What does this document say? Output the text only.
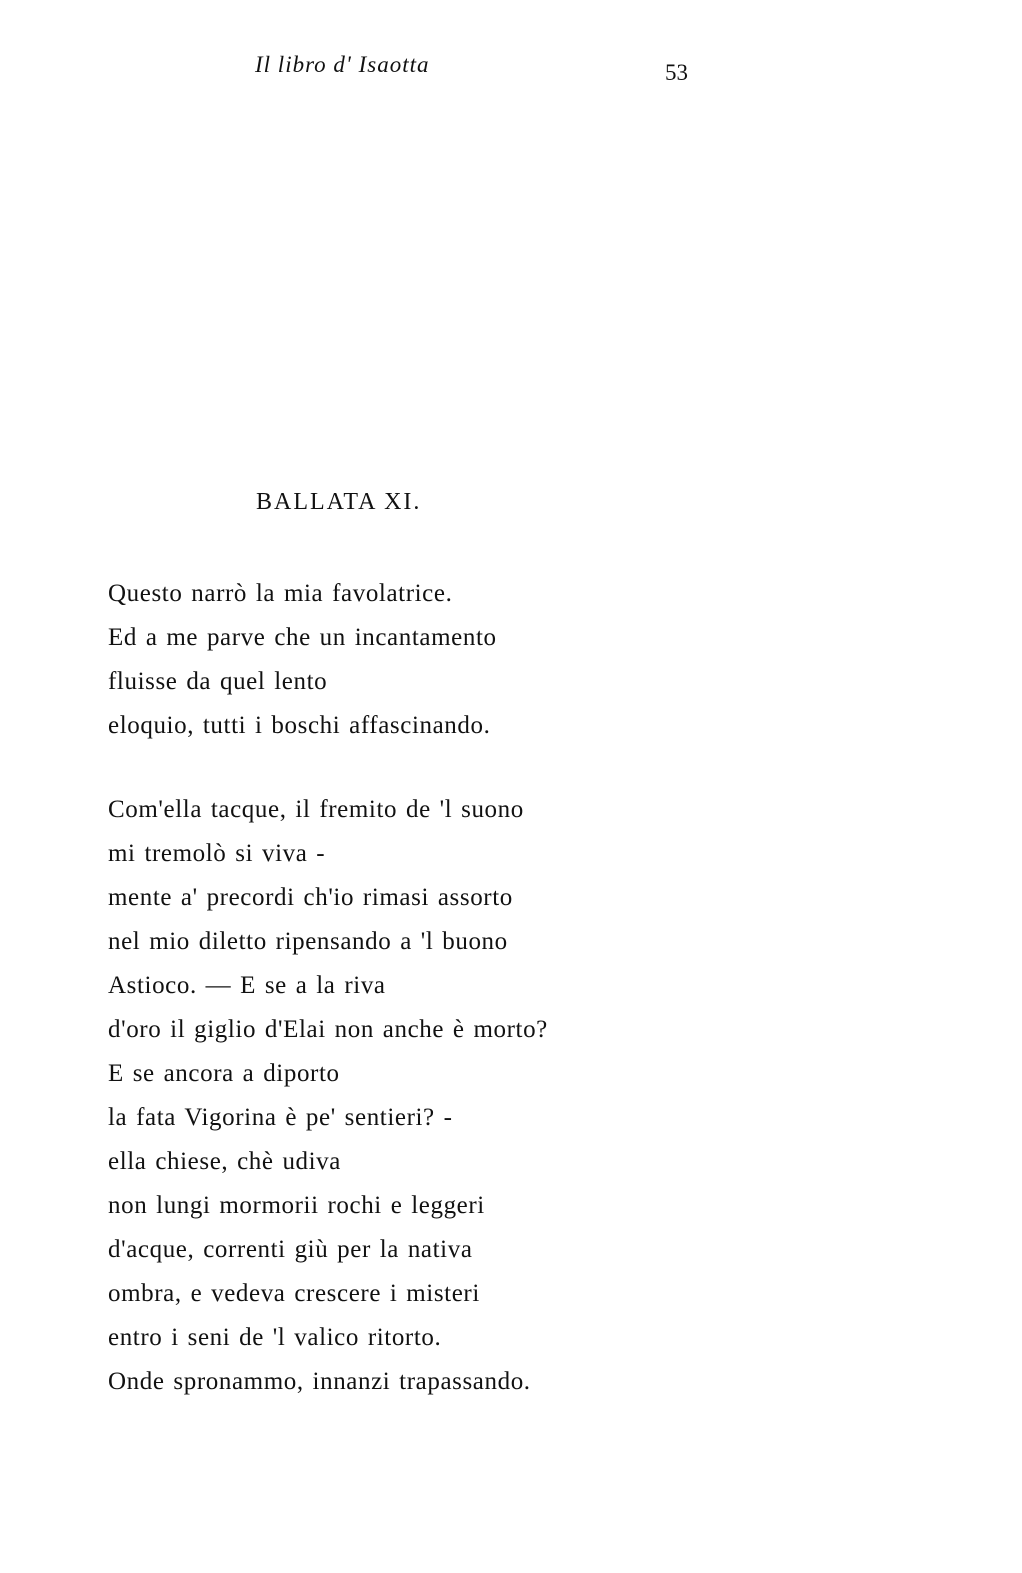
Il libro d' Isaotta	53
BALLATA XI.
Questo narrò la mia favolatrice.
Ed a me parve che un incantamento
fluisse da quel lento
eloquio, tutti i boschi affascinando.
Com'ella tacque, il fremito de 'l suono
mi tremolò si viva -
mente a' precordi ch'io rimasi assorto
nel mio diletto ripensando a 'l buono
Astioco. — E se a la riva
d'oro il giglio d'Elai non anche è morto?
E se ancora a diporto
la fata Vigorina è pe' sentieri? -
ella chiese, chè udiva
non lungi mormorii rochi e leggeri
d'acque, correnti giù per la nativa
ombra, e vedeva crescere i misteri
entro i seni de 'l valico ritorto.
Onde spronammo, innanzi trapassando.
